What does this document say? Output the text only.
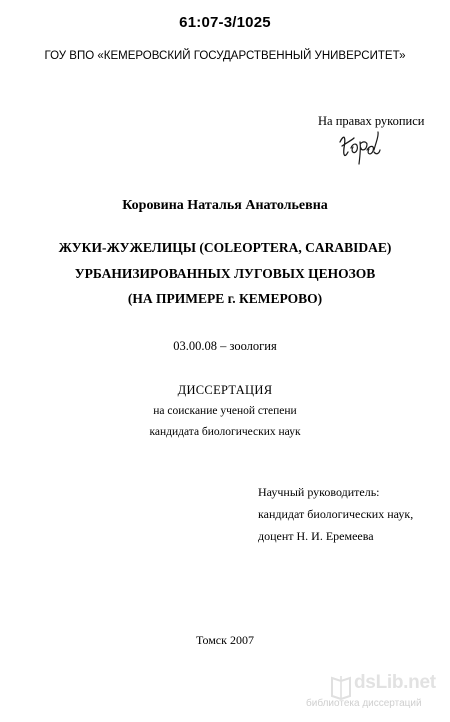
61:07-3/1025
ГОУ ВПО «КЕМЕРОВСКИЙ ГОСУДАРСТВЕННЫЙ УНИВЕРСИТЕТ»
На правах рукописи
Коровина Наталья Анатольевна
ЖУКИ-ЖУЖЕЛИЦЫ (COLEOPTERA, CARABIDAE)
УРБАНИЗИРОВАННЫХ ЛУГОВЫХ ЦЕНОЗОВ
(НА ПРИМЕРЕ г. КЕМЕРОВО)
03.00.08 – зоология
ДИССЕРТАЦИЯ
на соискание ученой степени
кандидата биологических наук
Научный руководитель:
кандидат биологических наук,
доцент Н. И. Еремеева
Томск 2007
dsLib.net
библиотека диссертаций
